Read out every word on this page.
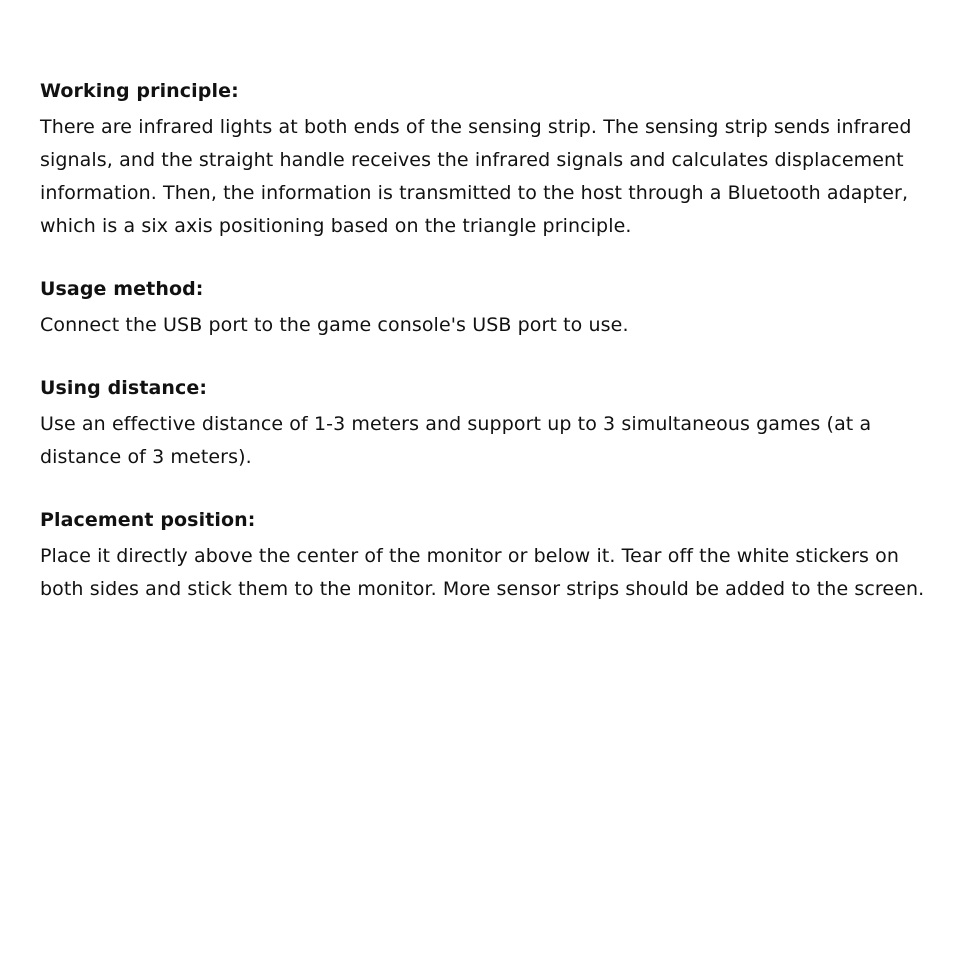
Working principle:

There are infrared lights at both ends of the sensing strip. The sensing strip sends infrared signals, and the straight handle receives the infrared signals and calculates displacement information. Then, the information is transmitted to the host through a Bluetooth adapter, which is a six axis positioning based on the triangle principle.

Usage method:

Connect the USB port to the game console's USB port to use.

Using distance:

Use an effective distance of 1-3 meters and support up to 3 simultaneous games (at a distance of 3 meters).

Placement position:

Place it directly above the center of the monitor or below it. Tear off the white stickers on both sides and stick them to the monitor. More sensor strips should be added to the screen.
